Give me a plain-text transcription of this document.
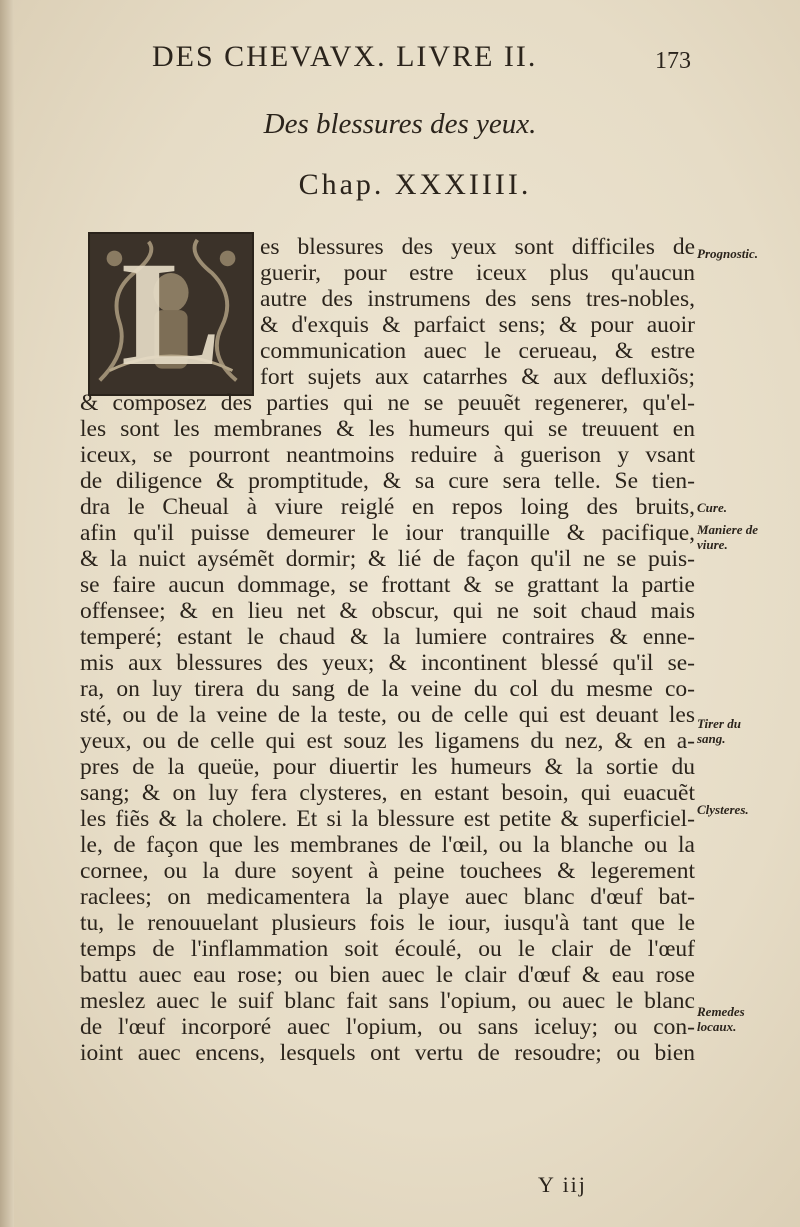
DES CHEVAVX. LIVRE II.	173
Des blessures des yeux.
Chap. XXXIIII.
L	es blessures des yeux sont difficiles de
guerir, pour estre iceux plus qu'aucun
autre des instrumens des sens tres-nobles,
& d'exquis & parfaict sens; & pour auoir
communication auec le cerueau, & estre
fort sujets aux catarrhes & aux defluxiõs;
& composez des parties qui ne se peuuẽt regenerer, qu'el-
les sont les membranes & les humeurs qui se treuuent en
iceux, se pourront neantmoins reduire à guerison y vsant
de diligence & promptitude, & sa cure sera telle. Se tien-
dra le Cheual à viure reiglé en repos loing des bruits,
afin qu'il puisse demeurer le iour tranquille & pacifique,
& la nuict aysémẽt dormir; & lié de façon qu'il ne se puis-
se faire aucun dommage, se frottant & se grattant la partie
offensee; & en lieu net & obscur, qui ne soit chaud mais
temperé; estant le chaud & la lumiere contraires & enne-
mis aux blessures des yeux; & incontinent blessé qu'il se-
ra, on luy tirera du sang de la veine du col du mesme co-
sté, ou de la veine de la teste, ou de celle qui est deuant les
yeux, ou de celle qui est souz les ligamens du nez, & en a-
pres de la queüe, pour diuertir les humeurs & la sortie du
sang; & on luy fera clysteres, en estant besoin, qui euacuẽt
les fiẽs & la cholere. Et si la blessure est petite & superficiel-
le, de façon que les membranes de l'œil, ou la blanche ou la
cornee, ou la dure soyent à peine touchees & legerement
raclees; on medicamentera la playe auec blanc d'œuf bat-
tu, le renouuelant plusieurs fois le iour, iusqu'à tant que le
temps de l'inflammation soit écoulé, ou le clair de l'œuf
battu auec eau rose; ou bien auec le clair d'œuf & eau rose
meslez auec le suif blanc fait sans l'opium, ou auec le blanc
de l'œuf incorporé auec l'opium, ou sans iceluy; ou con-
ioint auec encens, lesquels ont vertu de resoudre; ou bien
Prognostic.
Cure.
Maniere de viure.
Tirer du sang.
Clysteres.
Remedes locaux.
Y iij
